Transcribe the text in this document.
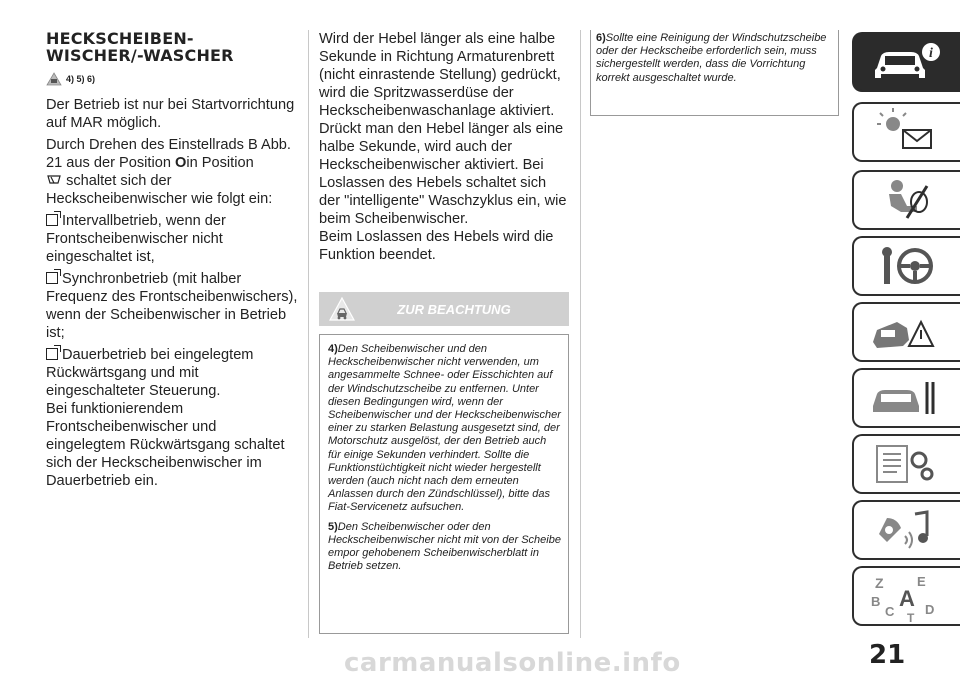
HECKSCHEIBEN-
WISCHER/-WASCHER
4) 5) 6)

Der Betrieb ist nur bei Startvorrichtung auf MAR möglich.

Durch Drehen des Einstellrads B Abb. 21 aus der Position Oin Position
schaltet sich der Heckscheibenwischer wie folgt ein:

Intervallbetrieb, wenn der Frontscheibenwischer nicht eingeschaltet ist,

Synchronbetrieb (mit halber Frequenz des Frontscheibenwischers), wenn der Scheibenwischer in Betrieb ist;

Dauerbetrieb bei eingelegtem Rückwärtsgang und mit eingeschalteter Steuerung.

Bei funktionierendem Frontscheibenwischer und eingelegtem Rückwärtsgang schaltet sich der Heckscheibenwischer im Dauerbetrieb ein.

Wird der Hebel länger als eine halbe Sekunde in Richtung Armaturenbrett (nicht einrastende Stellung) gedrückt, wird die Spritzwasserdüse der Heckscheibenwaschanlage aktiviert. Drückt man den Hebel länger als eine halbe Sekunde, wird auch der Heckscheibenwischer aktiviert. Bei Loslassen des Hebels schaltet sich der "intelligente" Waschzyklus ein, wie beim Scheibenwischer.

Beim Loslassen des Hebels wird die Funktion beendet.

ZUR BEACHTUNG

4)Den Scheibenwischer und den Heckscheibenwischer nicht verwenden, um angesammelte Schnee- oder Eisschichten auf der Windschutzscheibe zu entfernen. Unter diesen Bedingungen wird, wenn der Scheibenwischer und der Heckscheibenwischer einer zu starken Belastung ausgesetzt sind, der Motorschutz ausgelöst, der den Betrieb auch für einige Sekunden verhindert. Sollte die Funktionstüchtigkeit nicht wieder hergestellt werden (auch nicht nach dem erneuten Anlassen durch den Zündschlüssel), bitte das Fiat-Servicenetz aufsuchen.

5)Den Scheibenwischer oder den Heckscheibenwischer nicht mit von der Scheibe empor gehobenem Scheibenwischerblatt in Betrieb setzen.

6)Sollte eine Reinigung der Windschutzscheibe oder der Heckscheibe erforderlich sein, muss sichergestellt werden, dass die Vorrichtung korrekt ausgeschaltet wurde.
i
Z	E
B A
C D
T
carmanualsonline.info	21
